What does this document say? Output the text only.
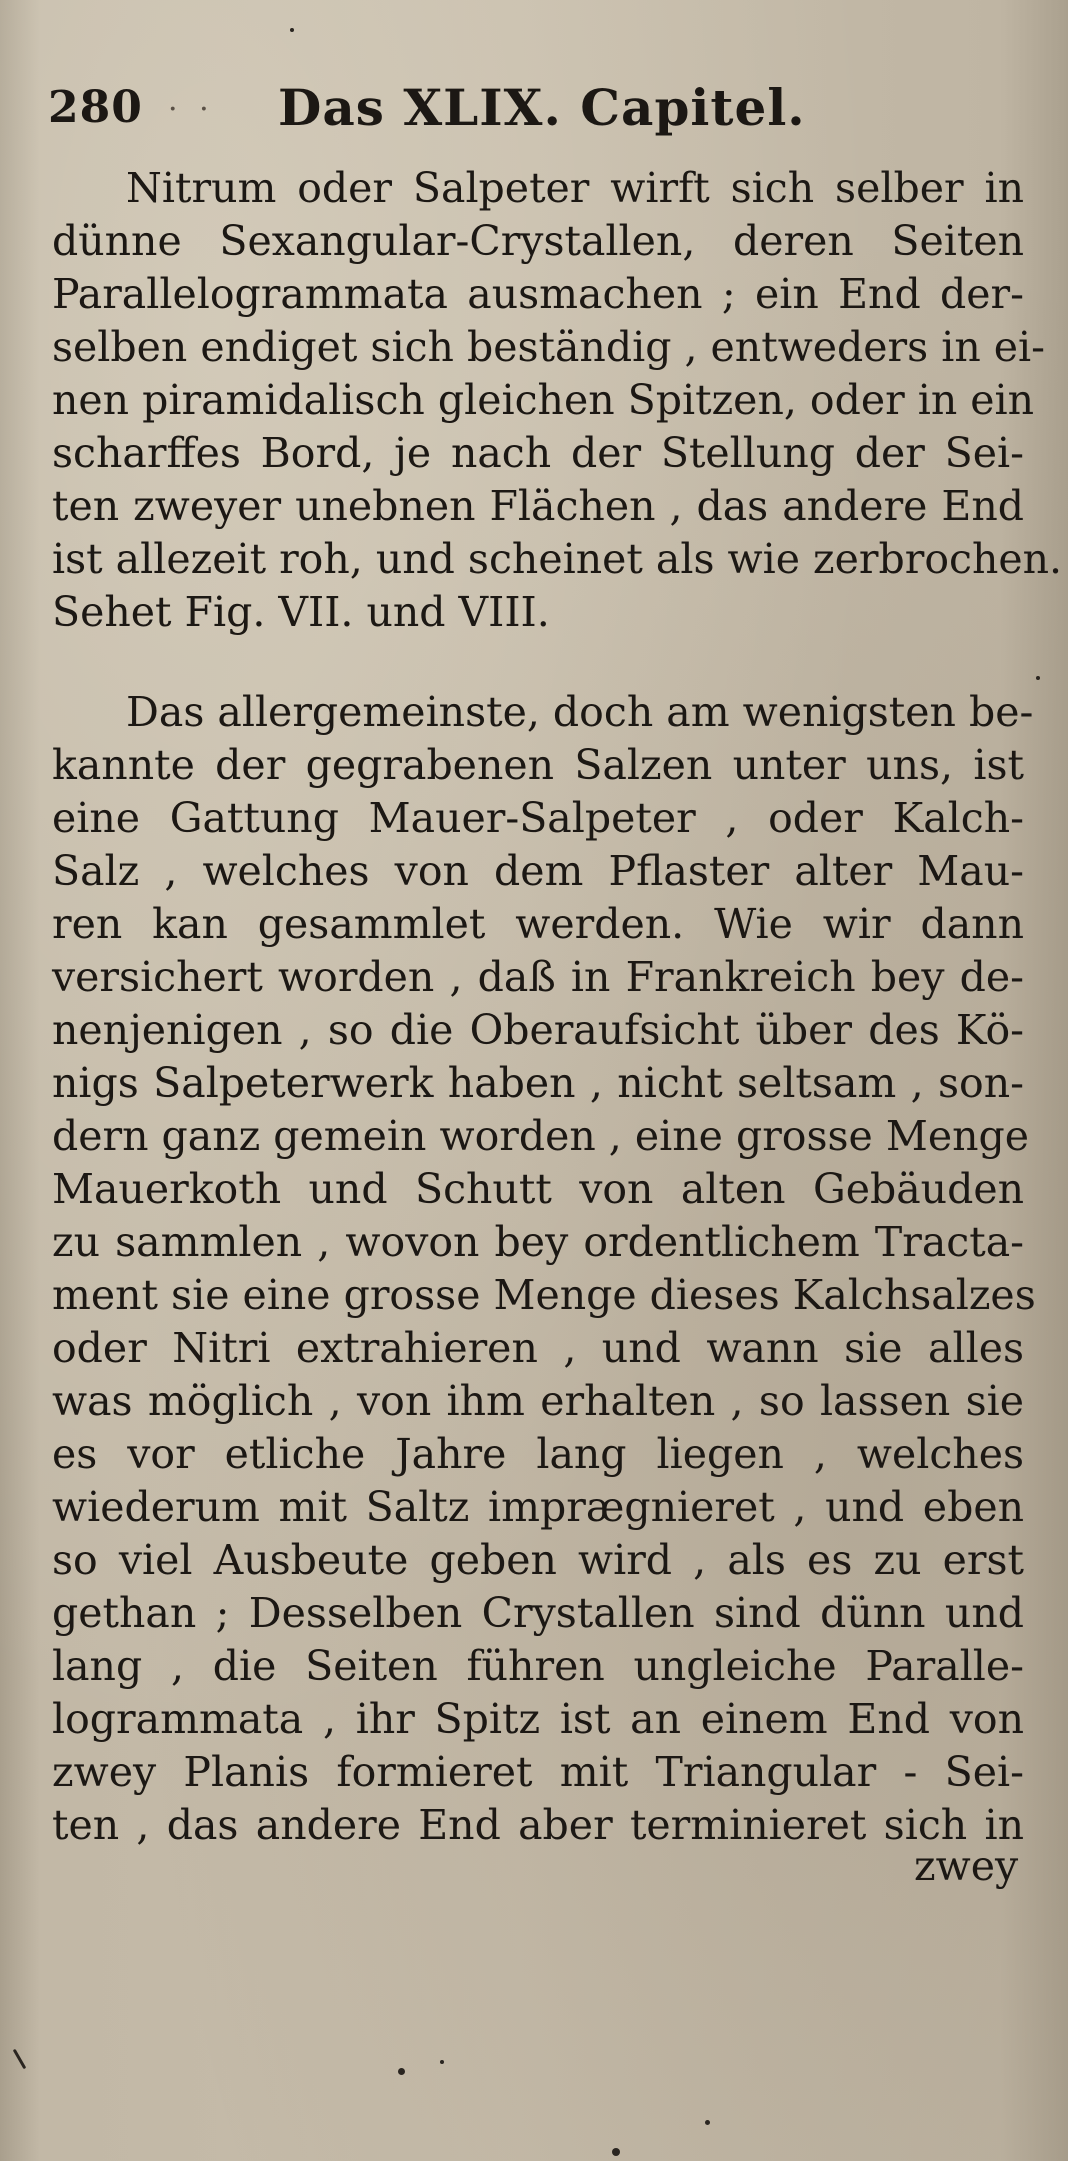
280 · · Das XLIX. Capitel.
Nitrum oder Salpeter wirft sich selber in
dünne Sexangular-Crystallen, deren Seiten
Parallelogrammata ausmachen ; ein End der-
selben endiget sich beständig , entweders in ei-
nen piramidalisch gleichen Spitzen, oder in ein
scharffes Bord, je nach der Stellung der Sei-
ten zweyer unebnen Flächen , das andere End
ist allezeit roh, und scheinet als wie zerbrochen.
Sehet Fig. VII. und VIII.
Das allergemeinste, doch am wenigsten be-
kannte der gegrabenen Salzen unter uns, ist
eine Gattung Mauer-Salpeter , oder Kalch-
Salz , welches von dem Pflaster alter Mau-
ren kan gesammlet werden. Wie wir dann
versichert worden , daß in Frankreich bey de-
nenjenigen , so die Oberaufsicht über des Kö-
nigs Salpeterwerk haben , nicht seltsam , son-
dern ganz gemein worden , eine grosse Menge
Mauerkoth und Schutt von alten Gebäuden
zu sammlen , wovon bey ordentlichem Tracta-
ment sie eine grosse Menge dieses Kalchsalzes
oder Nitri extrahieren , und wann sie alles
was möglich , von ihm erhalten , so lassen sie
es vor etliche Jahre lang liegen , welches
wiederum mit Saltz imprægnieret , und eben
so viel Ausbeute geben wird , als es zu erst
gethan ; Desselben Crystallen sind dünn und
lang , die Seiten führen ungleiche Paralle-
logrammata , ihr Spitz ist an einem End von
zwey Planis formieret mit Triangular - Sei-
ten , das andere End aber terminieret sich in
zwey
